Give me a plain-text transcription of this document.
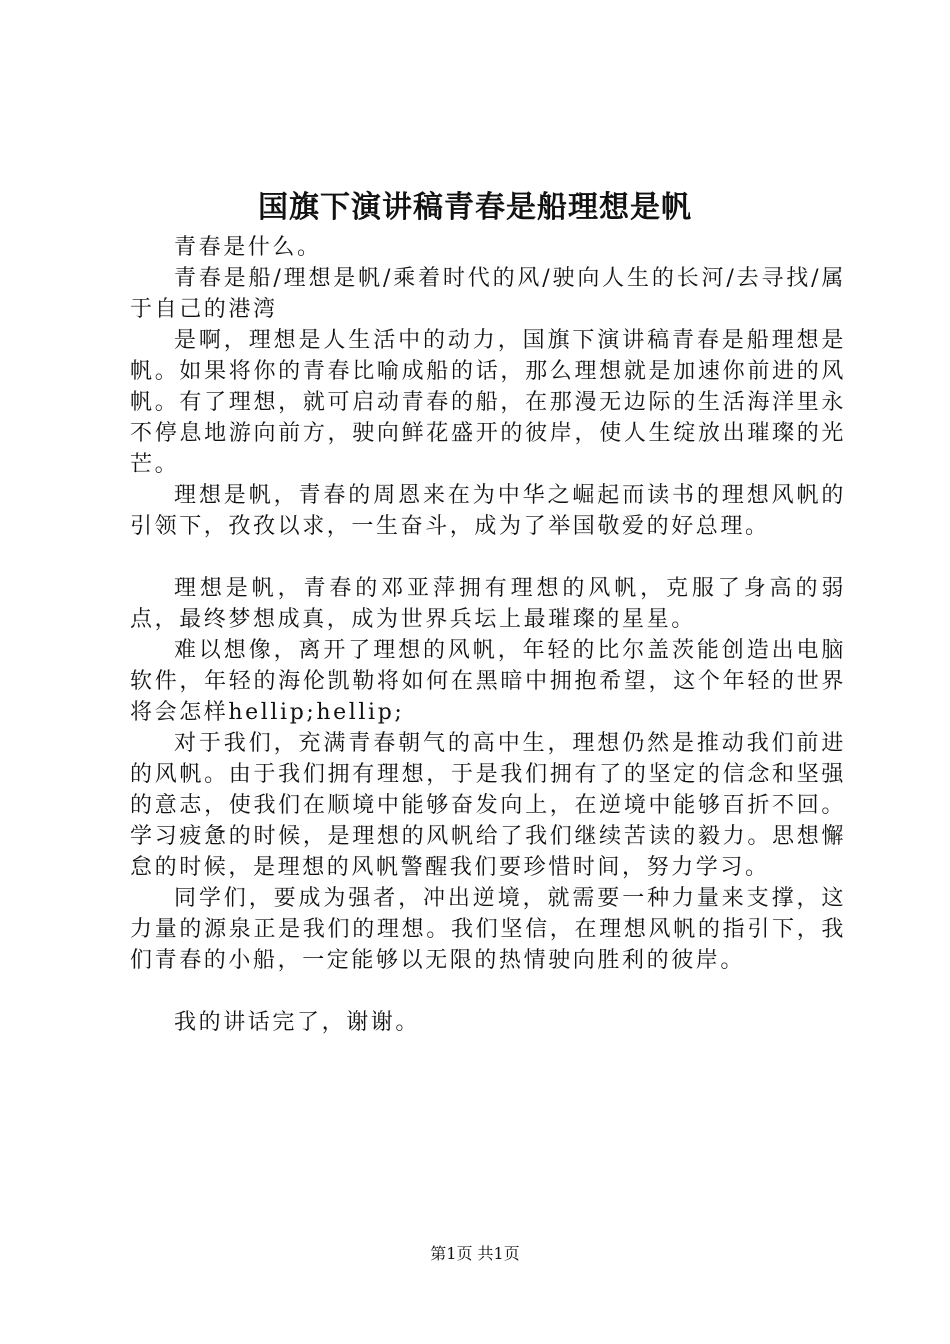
国旗下演讲稿青春是船理想是帆

青春是什么。

青春是船/理想是帆/乘着时代的风/驶向人生的长河/去寻找/属于自己的港湾

是啊，理想是人生活中的动力，国旗下演讲稿青春是船理想是帆。如果将你的青春比喻成船的话，那么理想就是加速你前进的风帆。有了理想，就可启动青春的船，在那漫无边际的生活海洋里永不停息地游向前方，驶向鲜花盛开的彼岸，使人生绽放出璀璨的光芒。

理想是帆，青春的周恩来在为中华之崛起而读书的理想风帆的引领下，孜孜以求，一生奋斗，成为了举国敬爱的好总理。

理想是帆，青春的邓亚萍拥有理想的风帆，克服了身高的弱点，最终梦想成真，成为世界兵坛上最璀璨的星星。

难以想像，离开了理想的风帆，年轻的比尔盖茨能创造出电脑软件，年轻的海伦凯勒将如何在黑暗中拥抱希望，这个年轻的世界将会怎样hellip;hellip;

对于我们，充满青春朝气的高中生，理想仍然是推动我们前进的风帆。由于我们拥有理想，于是我们拥有了的坚定的信念和坚强的意志，使我们在顺境中能够奋发向上，在逆境中能够百折不回。学习疲惫的时候，是理想的风帆给了我们继续苦读的毅力。思想懈怠的时候，是理想的风帆警醒我们要珍惜时间，努力学习。

同学们，要成为强者，冲出逆境，就需要一种力量来支撑，这力量的源泉正是我们的理想。我们坚信，在理想风帆的指引下，我们青春的小船，一定能够以无限的热情驶向胜利的彼岸。

我的讲话完了，谢谢。

第1页 共1页
